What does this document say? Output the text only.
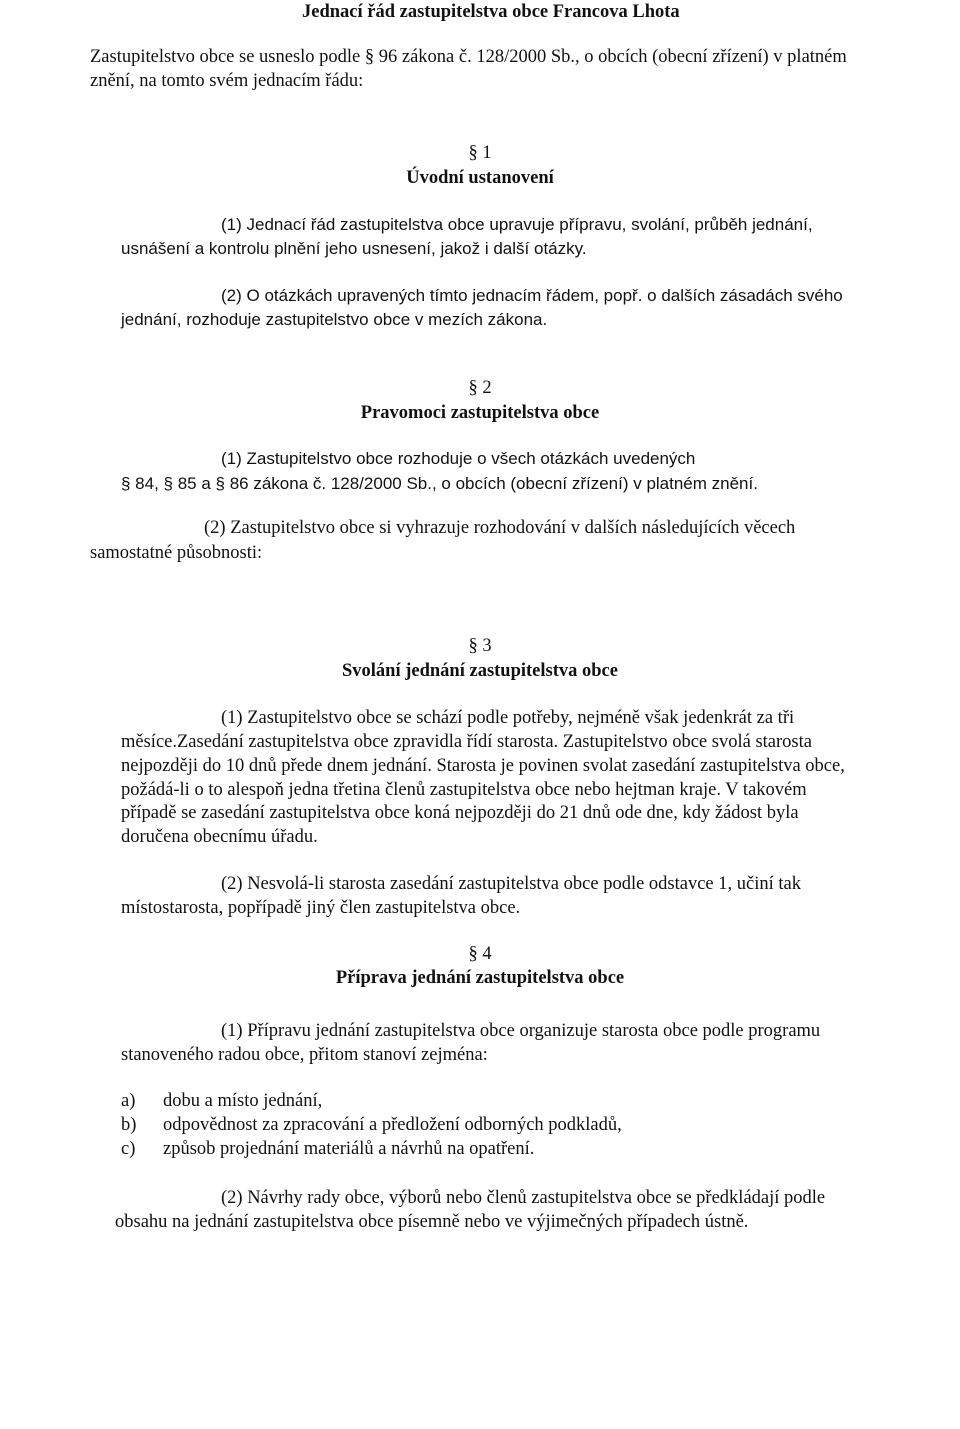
Jednací řád zastupitelstva obce Francova Lhota
Zastupitelstvo obce se usneslo podle § 96 zákona č. 128/2000 Sb., o obcích (obecní zřízení) v platném
znění, na tomto svém jednacím řádu:
§ 1
Úvodní ustanovení
(1) Jednací řád zastupitelstva obce upravuje přípravu, svolání, průběh jednání,
usnášení a kontrolu plnění jeho usnesení, jakož i další otázky.
(2) O otázkách upravených tímto jednacím řádem, popř. o dalších zásadách svého
jednání, rozhoduje zastupitelstvo obce v mezích zákona.
§ 2
Pravomoci zastupitelstva obce
(1) Zastupitelstvo obce rozhoduje o všech otázkách uvedených
§ 84, § 85 a § 86 zákona č. 128/2000 Sb., o obcích (obecní zřízení) v platném znění.
(2) Zastupitelstvo obce si vyhrazuje rozhodování v dalších následujících věcech
samostatné působnosti:
§ 3
Svolání jednání zastupitelstva obce
(1) Zastupitelstvo obce se schází podle potřeby, nejméně však jedenkrát za tři
měsíce.Zasedání zastupitelstva obce zpravidla řídí starosta. Zastupitelstvo obce svolá starosta
nejpozději do 10 dnů přede dnem jednání. Starosta je povinen svolat zasedání zastupitelstva obce,
požádá-li o to alespoň jedna třetina členů zastupitelstva obce nebo hejtman kraje. V takovém
případě se zasedání zastupitelstva obce koná nejpozději do 21 dnů ode dne, kdy žádost byla
doručena obecnímu úřadu.
(2) Nesvolá-li starosta zasedání zastupitelstva obce podle odstavce 1, učiní tak
místostarosta, popřípadě jiný člen zastupitelstva obce.
§ 4
Příprava jednání zastupitelstva obce
(1) Přípravu jednání zastupitelstva obce organizuje starosta obce podle programu
stanoveného radou obce, přitom stanoví zejména:
a) dobu a místo jednání,
b) odpovědnost za zpracování a předložení odborných podkladů,
c) způsob projednání materiálů a návrhů na opatření.
(2) Návrhy rady obce, výborů nebo členů zastupitelstva obce se předkládají podle
obsahu na jednání zastupitelstva obce písemně nebo ve výjimečných případech ústně.
